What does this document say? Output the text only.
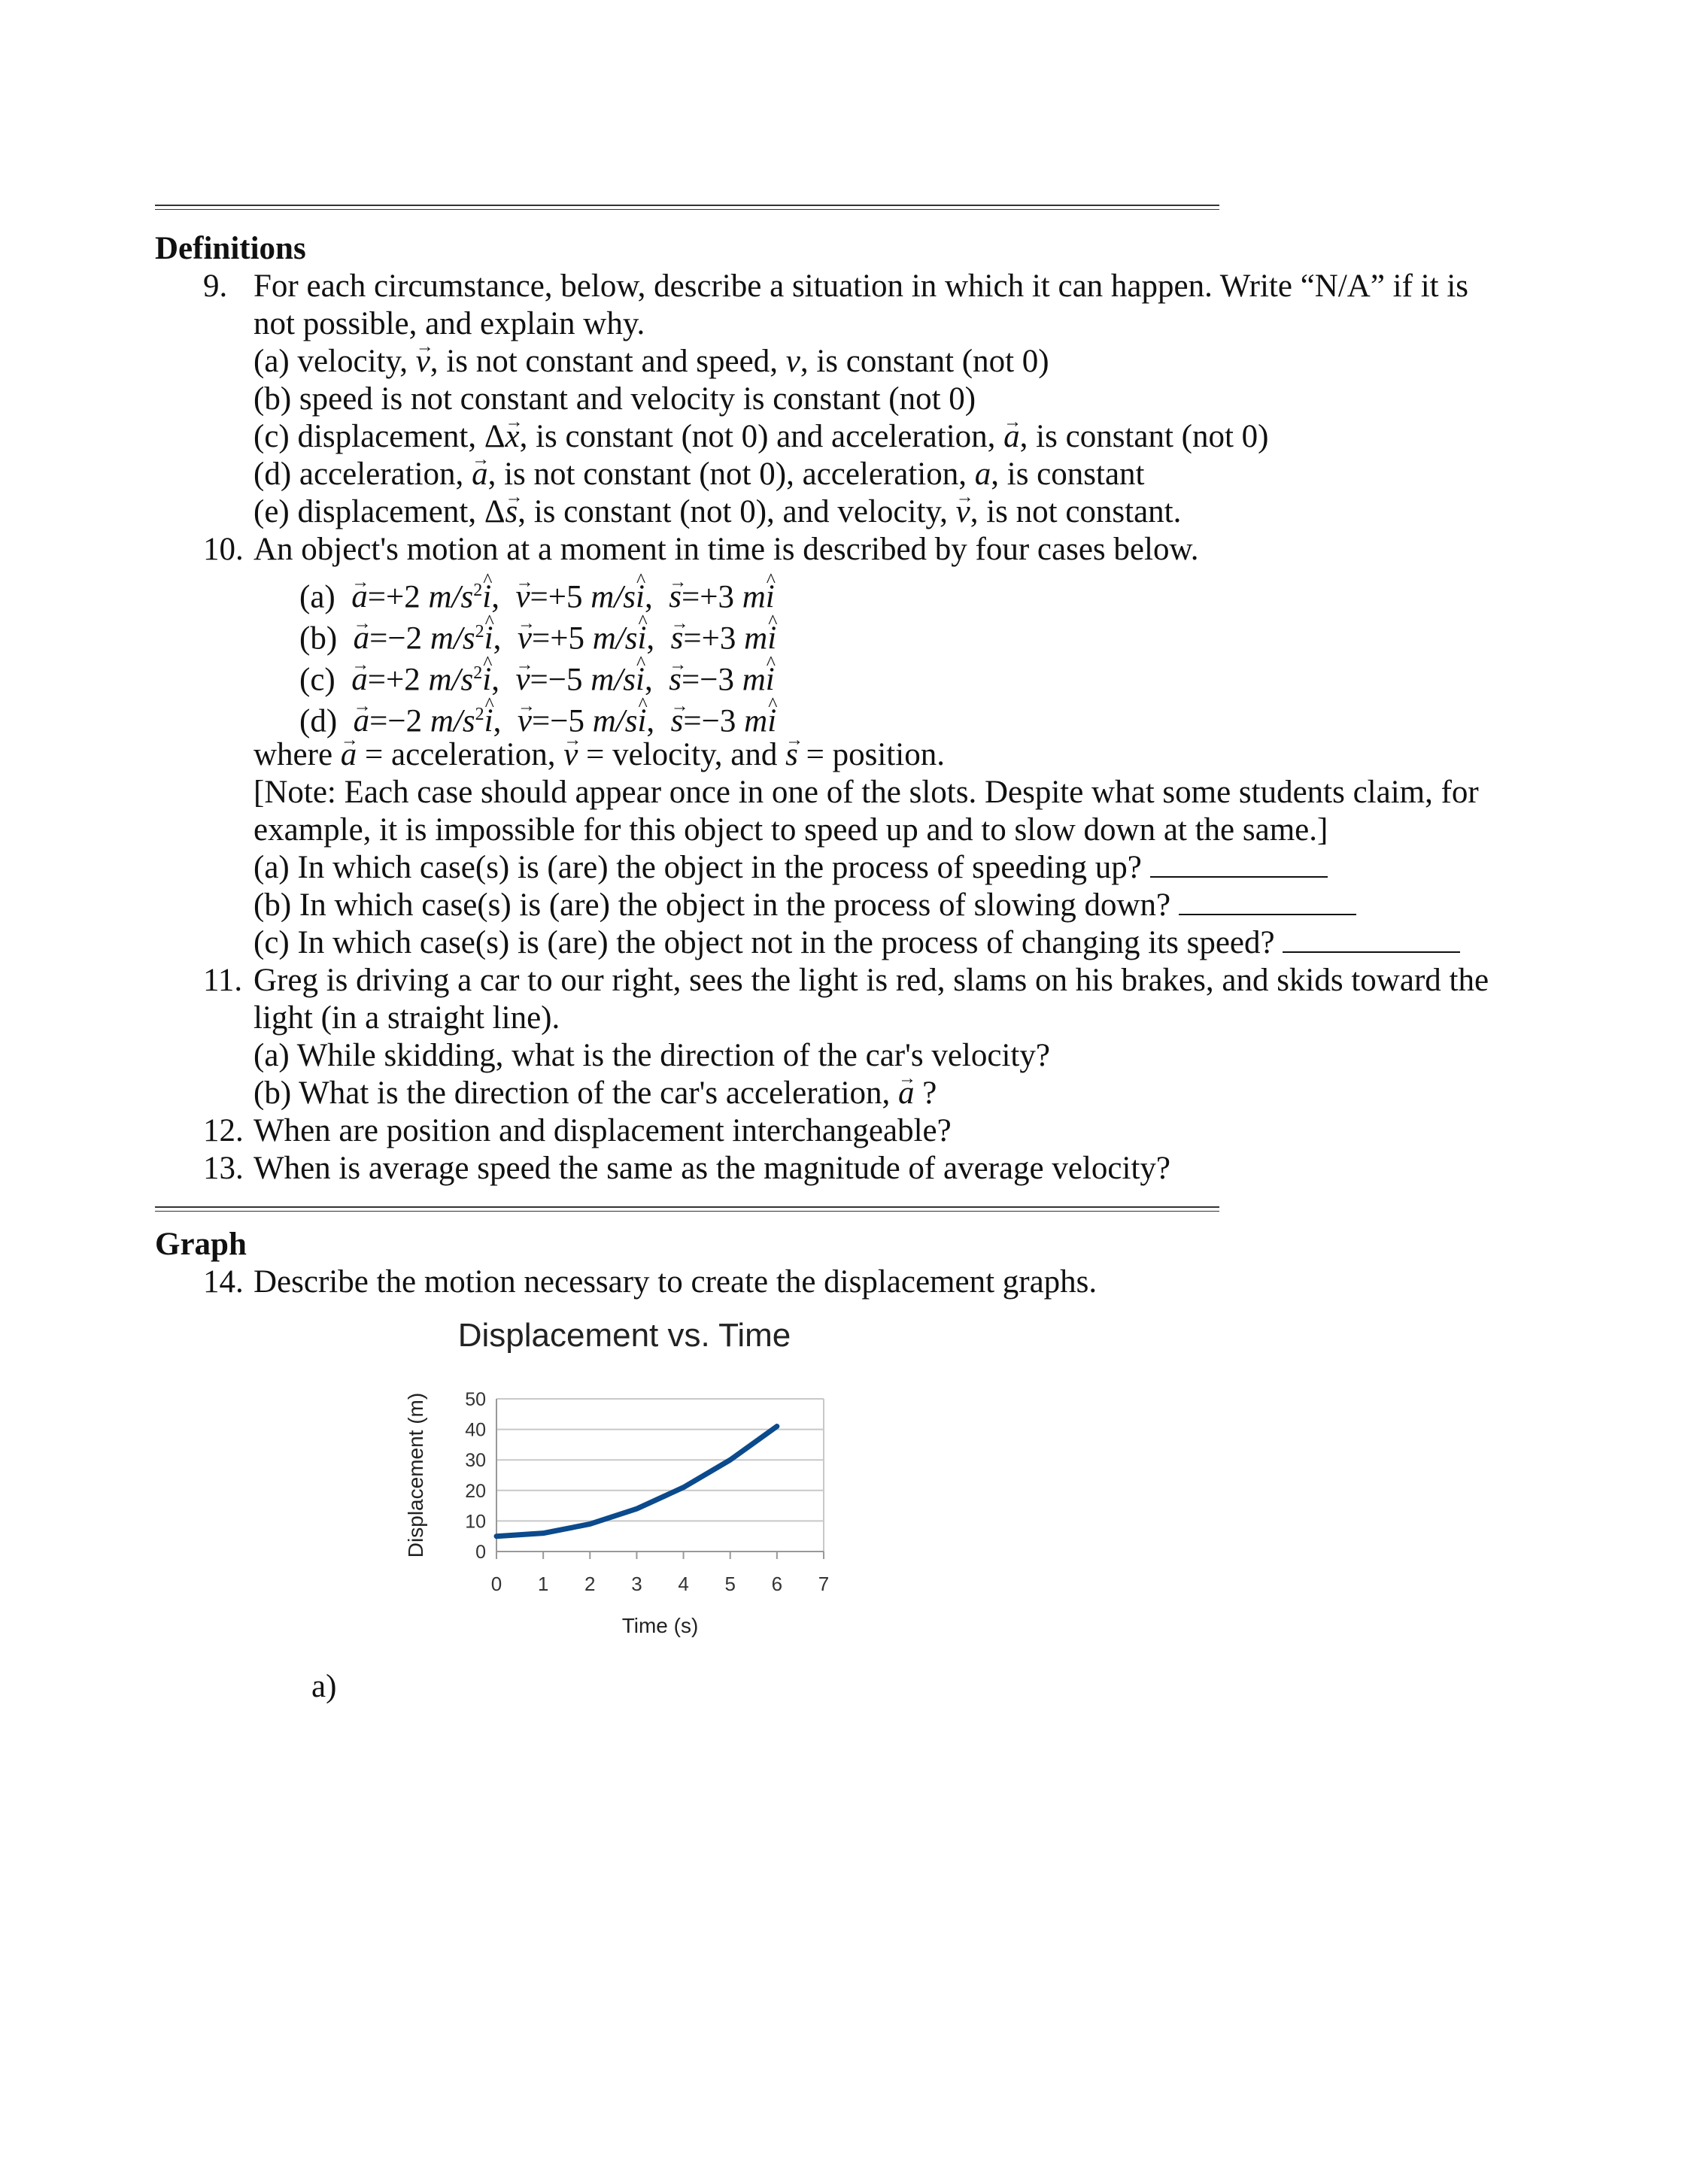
Definitions
9. For each circumstance, below, describe a situation in which it can happen. Write “N/A” if it is
not possible, and explain why.
(a) velocity, → v, is not constant and speed, v, is constant (not 0)
(b) speed is not constant and velocity is constant (not 0)
(c) displacement, Δ→ x, is constant (not 0) and acceleration, → a, is constant (not 0)
(d) acceleration, → a, is not constant (not 0), acceleration, a, is constant
(e) displacement, Δ→ s, is constant (not 0), and velocity, → v, is not constant.
10. An object's motion at a moment in time is described by four cases below.
(a) → a=+2 $m/s^2\^{}$ i,  → v=+5 m/s^ i,  → s=+3 m^ i
(b) → a=−2 $m/s^2\^{}$ i,  → v=+5 m/s^ i,  → s=+3 m^ i
(c) → a=+2 $m/s^2\^{}$ i,  → v=−5 m/s^ i,  → s=−3 m^ i
(d) → a=−2 $m/s^2\^{}$ i,  → v=−5 m/s^ i,  → s=−3 m^ i
where → a = acceleration, → v = velocity, and → s = position.
[Note: Each case should appear once in one of the slots. Despite what some students claim, for
example, it is impossible for this object to speed up and to slow down at the same.]
(a) In which case(s) is (are) the object in the process of speeding up?
(b) In which case(s) is (are) the object in the process of slowing down?
(c) In which case(s) is (are) the object not in the process of changing its speed?
11. Greg is driving a car to our right, sees the light is red, slams on his brakes, and skids toward the
light (in a straight line).
(a) While skidding, what is the direction of the car's velocity?
(b) What is the direction of the car's acceleration, → a ?
12. When are position and displacement interchangeable?
13. When is average speed the same as the magnitude of average velocity?
Graph
14. Describe the motion necessary to create the displacement graphs.
Displacement vs. Time
0
10
20
30
40
50
0 1 2 3 4 5 6 7
Time (s)
Displacement (m)
a)
